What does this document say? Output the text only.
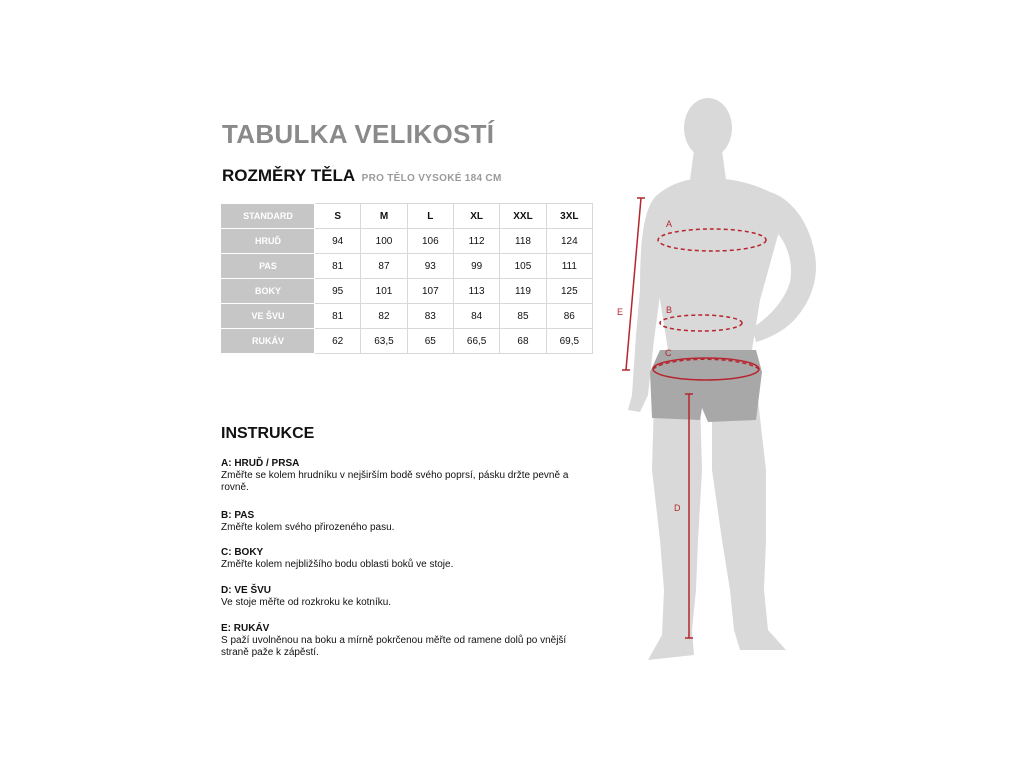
TABULKA VELIKOSTÍ
ROZMĚRY TĚLA PRO TĚLO VYSOKÉ 184 CM
STANDARD	S	M	L	XL	XXL	3XL
HRUĎ	94	100	106	112	118	124
PAS	81	87	93	99	105	111
BOKY	95	101	107	113	119	125
VE ŠVU	81	82	83	84	85	86
RUKÁV	62	63,5	65	66,5	68	69,5
INSTRUKCE
A: HRUĎ / PRSA
Změřte se kolem hrudníku v nejširším bodě svého poprsí, pásku držte pevně a rovně.
B: PAS
Změřte kolem svého přirozeného pasu.
C: BOKY
Změřte kolem nejbližšího bodu oblasti boků ve stoje.
D: VE ŠVU
Ve stoje měřte od rozkroku ke kotníku.
E: RUKÁV
S paží uvolněnou na boku a mírně pokrčenou měřte od ramene dolů po vnější straně paže k zápěstí.
A
B
C
D
E
